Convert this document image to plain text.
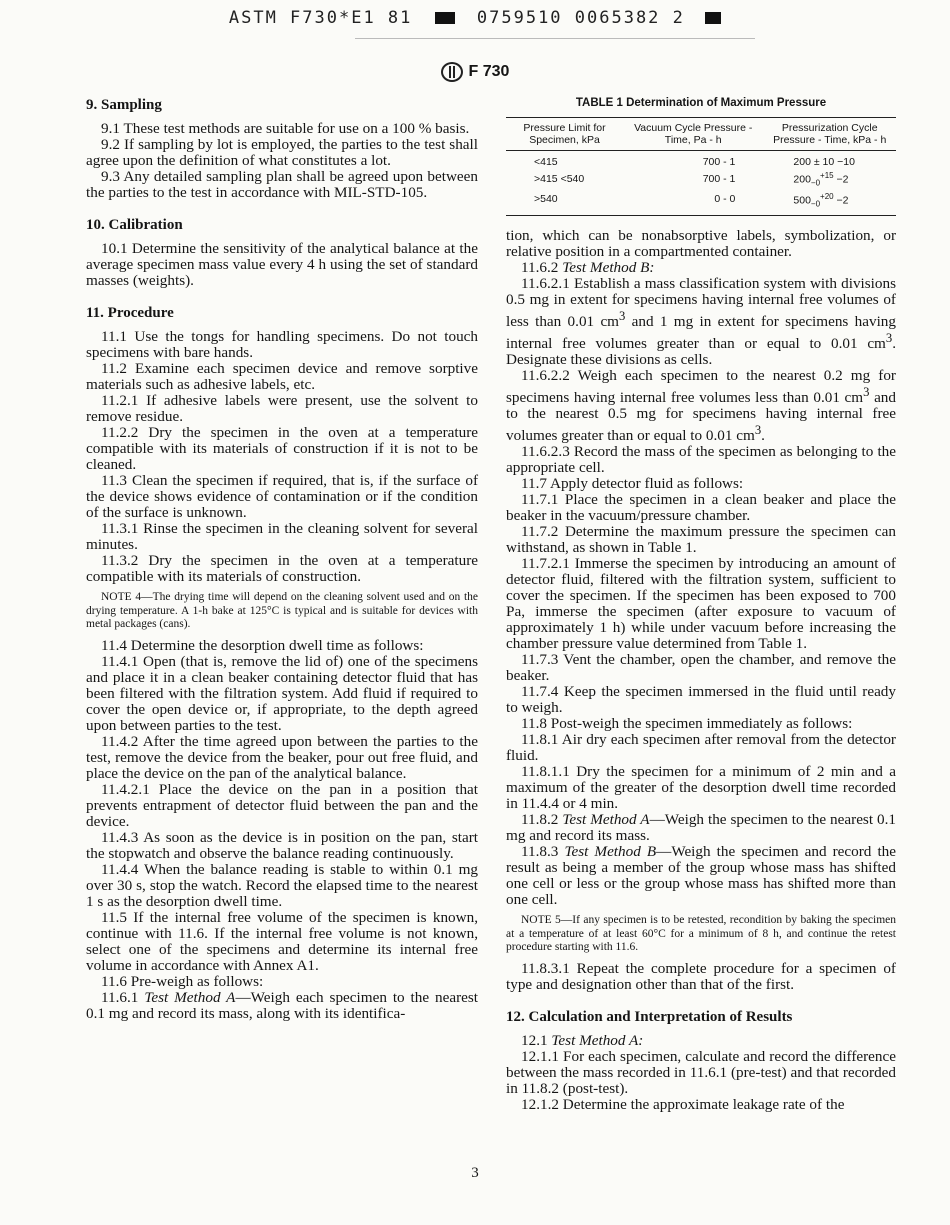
ASTM F730*E1 81	0759510 0065382 2
F 730
9. Sampling

9.1 These test methods are suitable for use on a 100 % basis.

9.2 If sampling by lot is employed, the parties to the test shall agree upon the definition of what constitutes a lot.

9.3 Any detailed sampling plan shall be agreed upon between the parties to the test in accordance with MIL-STD-105.

10. Calibration

10.1 Determine the sensitivity of the analytical balance at the average specimen mass value every 4 h using the set of standard masses (weights).

11. Procedure

11.1 Use the tongs for handling specimens. Do not touch specimens with bare hands.

11.2 Examine each specimen device and remove sorptive materials such as adhesive labels, etc.

11.2.1 If adhesive labels were present, use the solvent to remove residue.

11.2.2 Dry the specimen in the oven at a temperature compatible with its materials of construction if it is not to be cleaned.

11.3 Clean the specimen if required, that is, if the surface of the device shows evidence of contamination or if the condition of the surface is unknown.

11.3.1 Rinse the specimen in the cleaning solvent for several minutes.

11.3.2 Dry the specimen in the oven at a temperature compatible with its materials of construction.

NOTE 4—The drying time will depend on the cleaning solvent used and on the drying temperature. A 1-h bake at 125°C is typical and is suitable for devices with metal packages (cans).

11.4 Determine the desorption dwell time as follows:

11.4.1 Open (that is, remove the lid of) one of the specimens and place it in a clean beaker containing detector fluid that has been filtered with the filtration system. Add fluid if required to cover the open device or, if appropriate, to the depth agreed upon between parties to the test.

11.4.2 After the time agreed upon between the parties to the test, remove the device from the beaker, pour out free fluid, and place the device on the pan of the analytical balance.

11.4.2.1 Place the device on the pan in a position that prevents entrapment of detector fluid between the pan and the device.

11.4.3 As soon as the device is in position on the pan, start the stopwatch and observe the balance reading continuously.

11.4.4 When the balance reading is stable to within 0.1 mg over 30 s, stop the watch. Record the elapsed time to the nearest 1 s as the desorption dwell time.

11.5 If the internal free volume of the specimen is known, continue with 11.6. If the internal free volume is not known, select one of the specimens and determine its internal free volume in accordance with Annex A1.

11.6 Pre-weigh as follows:

11.6.1 Test Method A—Weigh each specimen to the nearest 0.1 mg and record its mass, along with its identifica-

TABLE 1 Determination of Maximum Pressure
Pressure Limit for Specimen, kPa	Vacuum Cycle Pressure - Time, Pa - h	Pressurization Cycle Pressure - Time, kPa - h
<415	700 - 1	200 ± 10 −10
>415 <540	700 - 1	$200_{-0}^{+15} -2$
>540	0 - 0	$500_{-0}^{+20} -2$

tion, which can be nonabsorptive labels, symbolization, or relative position in a compartmented container.

11.6.2 Test Method B:

11.6.2.1 Establish a mass classification system with divisions 0.5 mg in extent for specimens having internal free volumes of less than 0.01 $cm^3$ and 1 mg in extent for specimens having internal free volumes greater than or equal to 0.01 $cm^3$. Designate these divisions as cells.

11.6.2.2 Weigh each specimen to the nearest 0.2 mg for specimens having internal free volumes less than 0.01 $cm^3$ and to the nearest 0.5 mg for specimens having internal free volumes greater than or equal to 0.01 $cm^3$.

11.6.2.3 Record the mass of the specimen as belonging to the appropriate cell.

11.7 Apply detector fluid as follows:

11.7.1 Place the specimen in a clean beaker and place the beaker in the vacuum/pressure chamber.

11.7.2 Determine the maximum pressure the specimen can withstand, as shown in Table 1.

11.7.2.1 Immerse the specimen by introducing an amount of detector fluid, filtered with the filtration system, sufficient to cover the specimen. If the specimen has been exposed to 700 Pa, immerse the specimen (after exposure to vacuum of approximately 1 h) while under vacuum before increasing the chamber pressure value determined from Table 1.

11.7.3 Vent the chamber, open the chamber, and remove the beaker.

11.7.4 Keep the specimen immersed in the fluid until ready to weigh.

11.8 Post-weigh the specimen immediately as follows:

11.8.1 Air dry each specimen after removal from the detector fluid.

11.8.1.1 Dry the specimen for a minimum of 2 min and a maximum of the greater of the desorption dwell time recorded in 11.4.4 or 4 min.

11.8.2 Test Method A—Weigh the specimen to the nearest 0.1 mg and record its mass.

11.8.3 Test Method B—Weigh the specimen and record the result as being a member of the group whose mass has shifted one cell or less or the group whose mass has shifted more than one cell.

NOTE 5—If any specimen is to be retested, recondition by baking the specimen at a temperature of at least 60°C for a minimum of 8 h, and continue the retest procedure starting with 11.6.

11.8.3.1 Repeat the complete procedure for a specimen of type and designation other than that of the first.

12. Calculation and Interpretation of Results

12.1 Test Method A:

12.1.1 For each specimen, calculate and record the difference between the mass recorded in 11.6.1 (pre-test) and that recorded in 11.8.2 (post-test).

12.1.2 Determine the approximate leakage rate of the

3
